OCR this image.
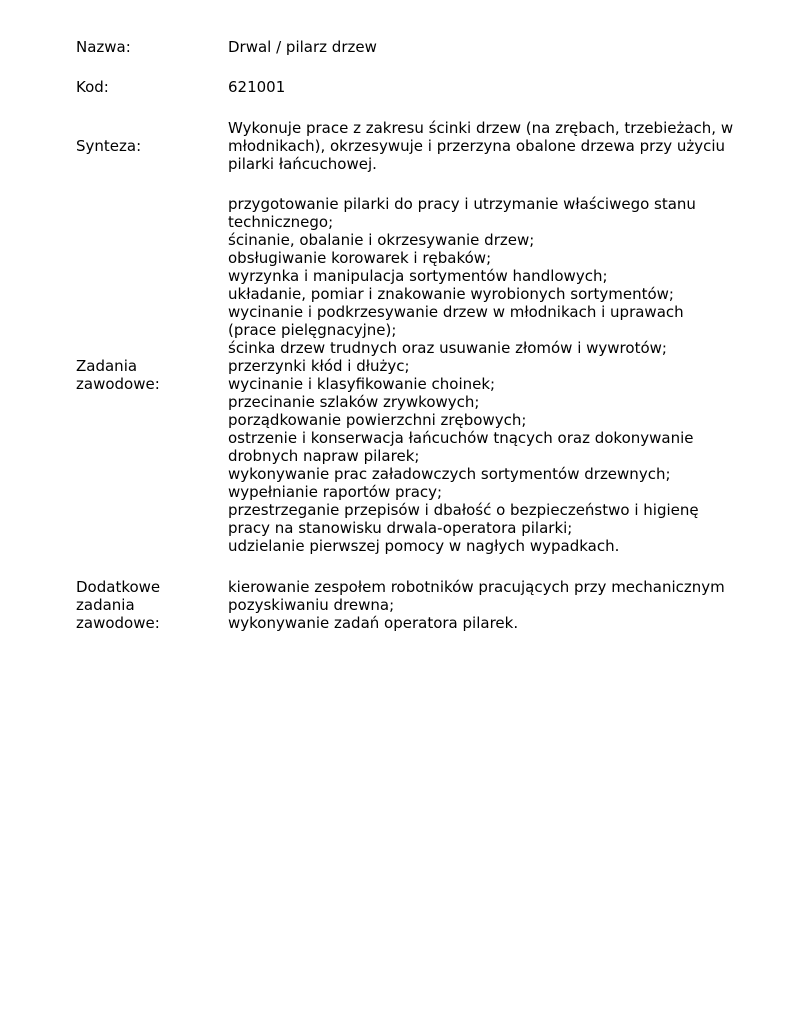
Nazwa:	Drwal / pilarz drzew
Kod:	621001
Synteza:
Wykonuje prace z zakresu ścinki drzew (na zrębach, trzebieżach, w
młodnikach), okrzesywuje i przerzyna obalone drzewa przy użyciu
pilarki łańcuchowej.
Zadania
zawodowe:
przygotowanie pilarki do pracy i utrzymanie właściwego stanu
technicznego;
ścinanie, obalanie i okrzesywanie drzew;
obsługiwanie korowarek i rębaków;
wyrzynka i manipulacja sortymentów handlowych;
układanie, pomiar i znakowanie wyrobionych sortymentów;
wycinanie i podkrzesywanie drzew w młodnikach i uprawach
(prace pielęgnacyjne);
ścinka drzew trudnych oraz usuwanie złomów i wywrotów;
przerzynki kłód i dłużyc;
wycinanie i klasyfikowanie choinek;
przecinanie szlaków zrywkowych;
porządkowanie powierzchni zrębowych;
ostrzenie i konserwacja łańcuchów tnących oraz dokonywanie
drobnych napraw pilarek;
wykonywanie prac załadowczych sortymentów drzewnych;
wypełnianie raportów pracy;
przestrzeganie przepisów i dbałość o bezpieczeństwo i higienę
pracy na stanowisku drwala-operatora pilarki;
udzielanie pierwszej pomocy w nagłych wypadkach.
Dodatkowe
zadania
zawodowe:
kierowanie zespołem robotników pracujących przy mechanicznym
pozyskiwaniu drewna;
wykonywanie zadań operatora pilarek.
